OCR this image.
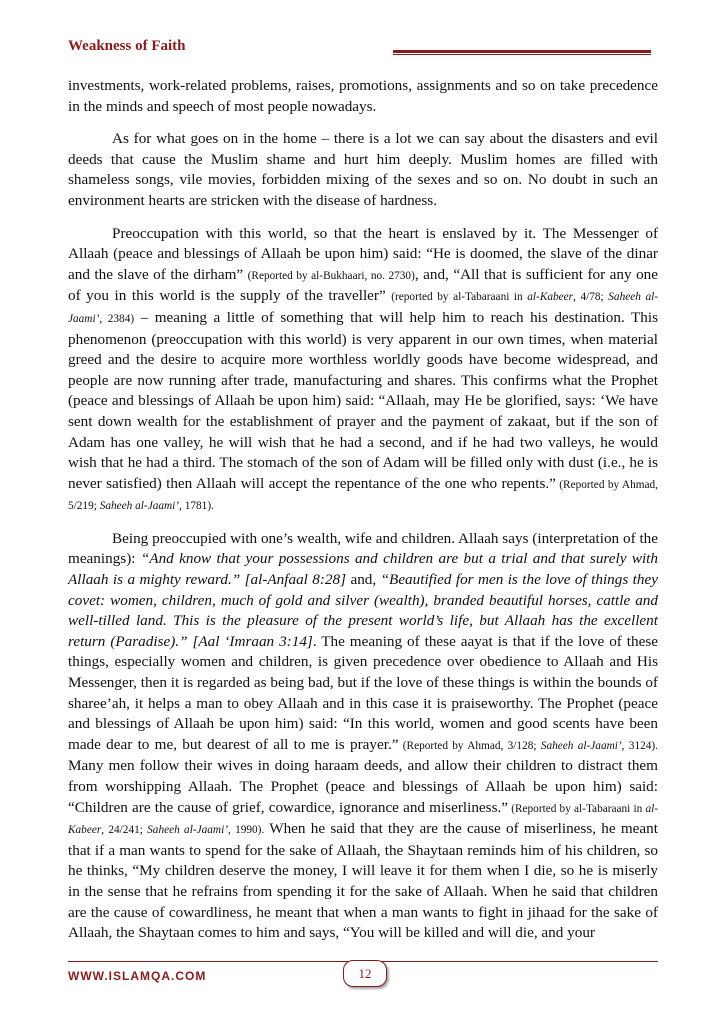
Weakness of Faith

investments, work-related problems, raises, promotions, assignments and so on take precedence in the minds and speech of most people nowadays.

As for what goes on in the home – there is a lot we can say about the disasters and evil deeds that cause the Muslim shame and hurt him deeply. Muslim homes are filled with shameless songs, vile movies, forbidden mixing of the sexes and so on. No doubt in such an environment hearts are stricken with the disease of hardness.

Preoccupation with this world, so that the heart is enslaved by it. The Messenger of Allaah (peace and blessings of Allaah be upon him) said: “He is doomed, the slave of the dinar and the slave of the dirham” (Reported by al-Bukhaari, no. 2730), and, “All that is sufficient for any one of you in this world is the supply of the traveller” (reported by al-Tabaraani in al-Kabeer, 4/78; Saheeh al-Jaami’, 2384) – meaning a little of something that will help him to reach his destination. This phenomenon (preoccupation with this world) is very apparent in our own times, when material greed and the desire to acquire more worthless worldly goods have become widespread, and people are now running after trade, manufacturing and shares. This confirms what the Prophet (peace and blessings of Allaah be upon him) said: “Allaah, may He be glorified, says: ‘We have sent down wealth for the establishment of prayer and the payment of zakaat, but if the son of Adam has one valley, he will wish that he had a second, and if he had two valleys, he would wish that he had a third. The stomach of the son of Adam will be filled only with dust (i.e., he is never satisfied) then Allaah will accept the repentance of the one who repents.” (Reported by Ahmad, 5/219; Saheeh al-Jaami’, 1781).

Being preoccupied with one’s wealth, wife and children. Allaah says (interpretation of the meanings): “And know that your possessions and children are but a trial and that surely with Allaah is a mighty reward.” [al-Anfaal 8:28] and, “Beautified for men is the love of things they covet: women, children, much of gold and silver (wealth), branded beautiful horses, cattle and well-tilled land. This is the pleasure of the present world’s life, but Allaah has the excellent return (Paradise).” [Aal ‘Imraan 3:14]. The meaning of these aayat is that if the love of these things, especially women and children, is given precedence over obedience to Allaah and His Messenger, then it is regarded as being bad, but if the love of these things is within the bounds of sharee’ah, it helps a man to obey Allaah and in this case it is praiseworthy. The Prophet (peace and blessings of Allaah be upon him) said: “In this world, women and good scents have been made dear to me, but dearest of all to me is prayer.” (Reported by Ahmad, 3/128; Saheeh al-Jaami’, 3124). Many men follow their wives in doing haraam deeds, and allow their children to distract them from worshipping Allaah. The Prophet (peace and blessings of Allaah be upon him) said: “Children are the cause of grief, cowardice, ignorance and miserliness.” (Reported by al-Tabaraani in al-Kabeer, 24/241; Saheeh al-Jaami’, 1990). When he said that they are the cause of miserliness, he meant that if a man wants to spend for the sake of Allaah, the Shaytaan reminds him of his children, so he thinks, “My children deserve the money, I will leave it for them when I die, so he is miserly in the sense that he refrains from spending it for the sake of Allaah. When he said that children are the cause of cowardliness, he meant that when a man wants to fight in jihaad for the sake of Allaah, the Shaytaan comes to him and says, “You will be killed and will die, and your

WWW.ISLAMQA.COM	12
